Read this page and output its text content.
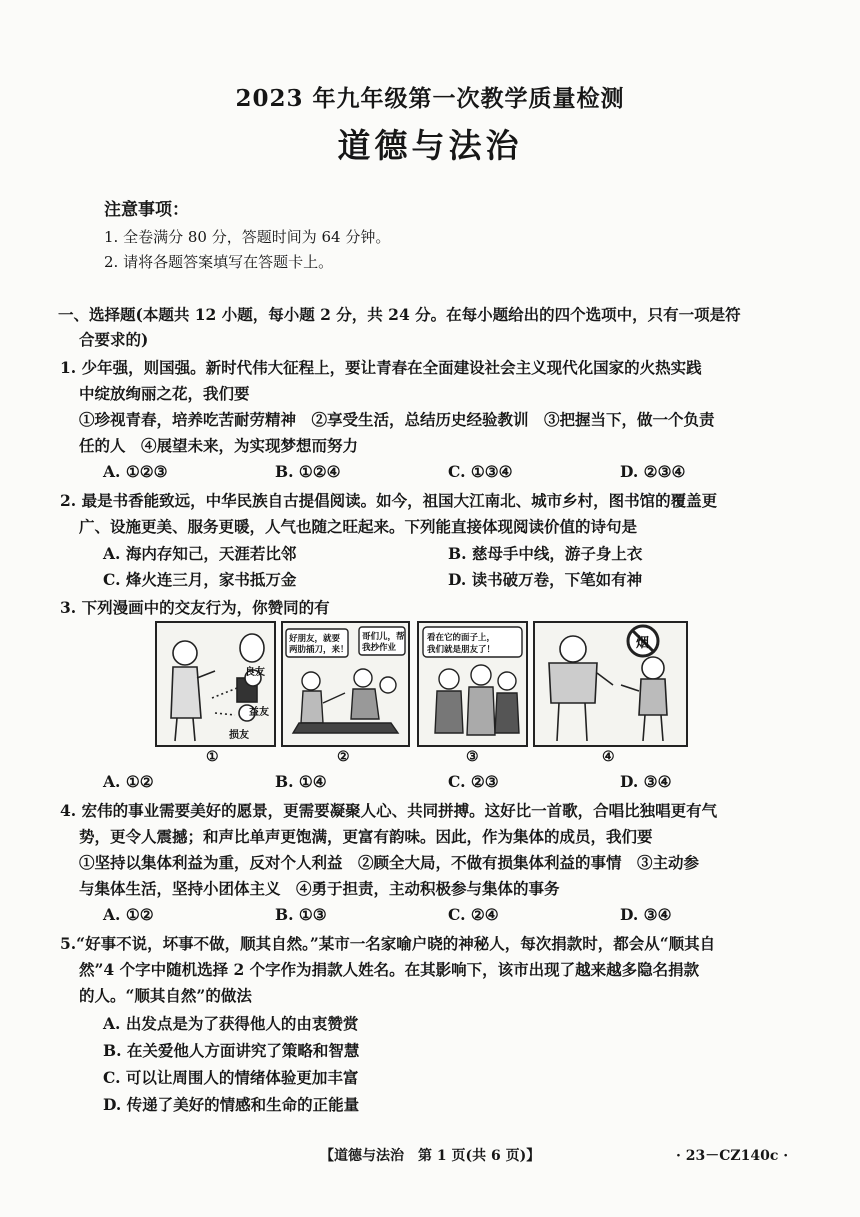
2023 年九年级第一次教学质量检测
道德与法治
注意事项：
1. 全卷满分 80 分，答题时间为 64 分钟。
2. 请将各题答案填写在答题卡上。
一、选择题(本题共 12 小题，每小题 2 分，共 24 分。在每小题给出的四个选项中，只有一项是符
合要求的)
1. 少年强，则国强。新时代伟大征程上，要让青春在全面建设社会主义现代化国家的火热实践
中绽放绚丽之花，我们要
①珍视青春，培养吃苦耐劳精神　②享受生活，总结历史经验教训　③把握当下，做一个负责
任的人　④展望未来，为实现梦想而努力
A. ①②③	B. ①②④	C. ①③④	D. ②③④
2. 最是书香能致远，中华民族自古提倡阅读。如今，祖国大江南北、城市乡村，图书馆的覆盖更
广、设施更美、服务更暖，人气也随之旺起来。下列能直接体现阅读价值的诗句是
A. 海内存知己，天涯若比邻	B. 慈母手中线，游子身上衣
C. 烽火连三月，家书抵万金	D. 读书破万卷，下笔如有神
3. 下列漫画中的交友行为，你赞同的有
良友
益友
损友
好朋友，就要
两肋插刀，来！
哥们儿，帮
我抄作业
看在它的面子上，
我们就是朋友了！	烟
①	②	③	④
A. ①②	B. ①④	C. ②③	D. ③④
4. 宏伟的事业需要美好的愿景，更需要凝聚人心、共同拼搏。这好比一首歌，合唱比独唱更有气
势，更令人震撼；和声比单声更饱满，更富有韵味。因此，作为集体的成员，我们要
①坚持以集体利益为重，反对个人利益　②顾全大局，不做有损集体利益的事情　③主动参
与集体生活，坚持小团体主义　④勇于担责，主动积极参与集体的事务
A. ①②	B. ①③	C. ②④	D. ③④
5.“好事不说，坏事不做，顺其自然。”某市一名家喻户晓的神秘人，每次捐款时，都会从“顺其自
然”4 个字中随机选择 2 个字作为捐款人姓名。在其影响下，该市出现了越来越多隐名捐款
的人。“顺其自然”的做法
A. 出发点是为了获得他人的由衷赞赏
B. 在关爱他人方面讲究了策略和智慧
C. 可以让周围人的情绪体验更加丰富
D. 传递了美好的情感和生命的正能量
【道德与法治　第 1 页(共 6 页)】	· 23－CZ140c ·
